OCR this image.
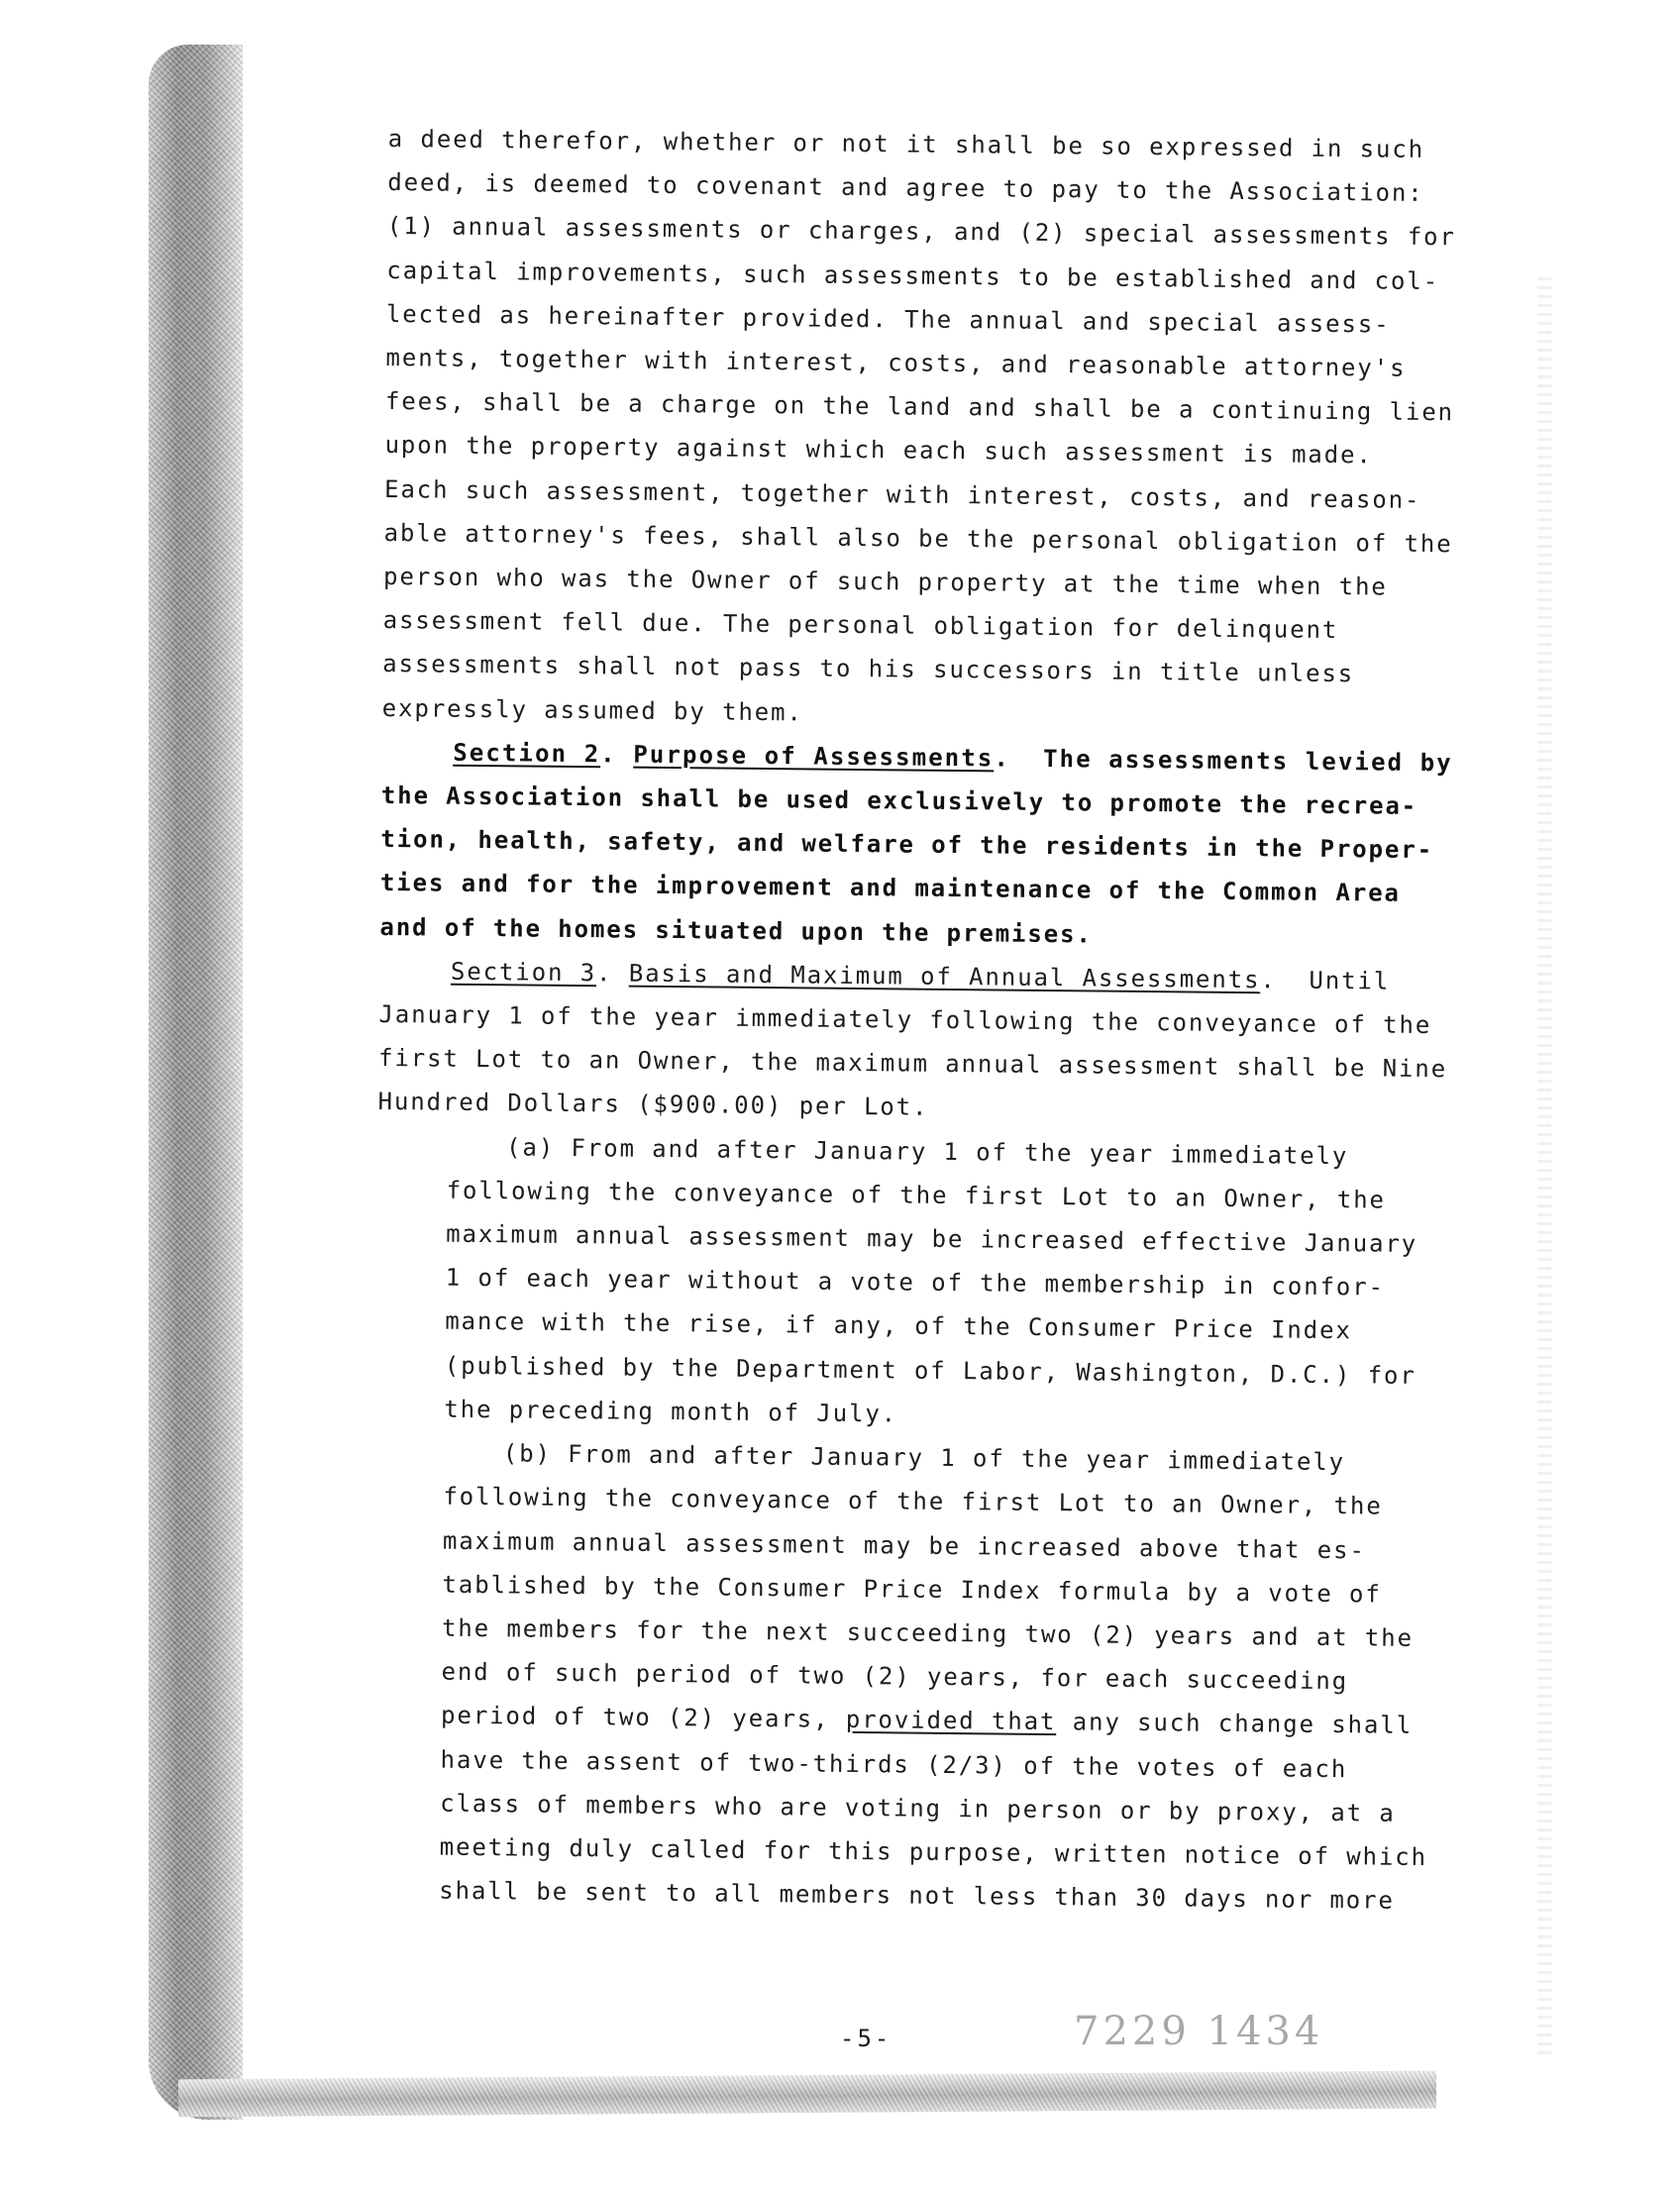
a deed therefor, whether or not it shall be so expressed in such
deed, is deemed to covenant and agree to pay to the Association:
(1) annual assessments or charges, and (2) special assessments for
capital improvements, such assessments to be established and col-
lected as hereinafter provided. The annual and special assess-
ments, together with interest, costs, and reasonable attorney's
fees, shall be a charge on the land and shall be a continuing lien
upon the property against which each such assessment is made.
Each such assessment, together with interest, costs, and reason-
able attorney's fees, shall also be the personal obligation of the
person who was the Owner of such property at the time when the
assessment fell due. The personal obligation for delinquent
assessments shall not pass to his successors in title unless
expressly assumed by them.
Section 2. Purpose of Assessments.  The assessments levied by
the Association shall be used exclusively to promote the recrea-
tion, health, safety, and welfare of the residents in the Proper-
ties and for the improvement and maintenance of the Common Area
and of the homes situated upon the premises.
Section 3. Basis and Maximum of Annual Assessments.  Until
January 1 of the year immediately following the conveyance of the
first Lot to an Owner, the maximum annual assessment shall be Nine
Hundred Dollars ($900.00) per Lot.
(a) From and after January 1 of the year immediately
following the conveyance of the first Lot to an Owner, the
maximum annual assessment may be increased effective January
1 of each year without a vote of the membership in confor-
mance with the rise, if any, of the Consumer Price Index
(published by the Department of Labor, Washington, D.C.) for
the preceding month of July.
(b) From and after January 1 of the year immediately
following the conveyance of the first Lot to an Owner, the
maximum annual assessment may be increased above that es-
tablished by the Consumer Price Index formula by a vote of
the members for the next succeeding two (2) years and at the
end of such period of two (2) years, for each succeeding
period of two (2) years, provided that any such change shall
have the assent of two-thirds (2/3) of the votes of each
class of members who are voting in person or by proxy, at a
meeting duly called for this purpose, written notice of which
shall be sent to all members not less than 30 days nor more
-5-	7229 1434
